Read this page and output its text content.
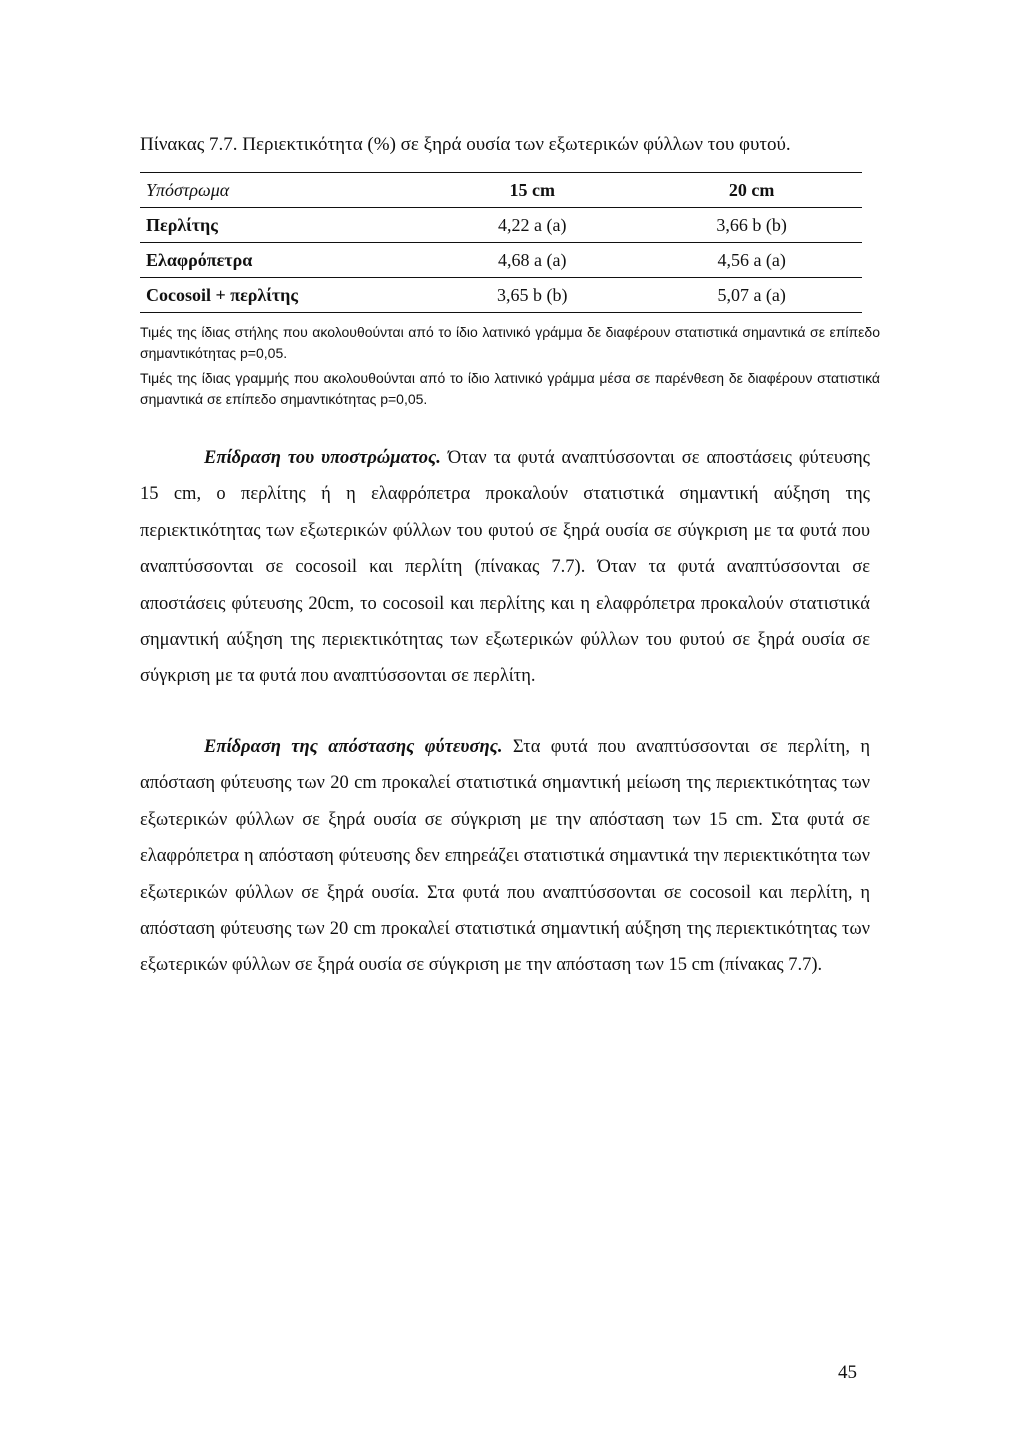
Πίνακας 7.7. Περιεκτικότητα (%) σε ξηρά ουσία των εξωτερικών φύλλων του φυτού.
Υπόστρωμα	15 cm	20 cm
Περλίτης	4,22 a (a)	3,66 b (b)
Ελαφρόπετρα	4,68 a (a)	4,56 a (a)
Cocosoil + περλίτης	3,65 b (b)	5,07 a (a)
Τιμές της ίδιας στήλης που ακολουθούνται από το ίδιο λατινικό γράμμα δε διαφέρουν στατιστικά σημαντικά σε επίπεδο σημαντικότητας p=0,05.
Τιμές της ίδιας γραμμής που ακολουθούνται από το ίδιο λατινικό γράμμα μέσα σε παρένθεση δε διαφέρουν στατιστικά σημαντικά σε επίπεδο σημαντικότητας p=0,05.

Επίδραση του υποστρώματος. Όταν τα φυτά αναπτύσσονται σε αποστάσεις φύτευσης 15 cm, ο περλίτης ή η ελαφρόπετρα προκαλούν στατιστικά σημαντική αύξηση της περιεκτικότητας των εξωτερικών φύλλων του φυτού σε ξηρά ουσία σε σύγκριση με τα φυτά που αναπτύσσονται σε cocosoil και περλίτη (πίνακας 7.7). Όταν τα φυτά αναπτύσσονται σε αποστάσεις φύτευσης 20cm, το cocosoil και περλίτης και η ελαφρόπετρα προκαλούν στατιστικά σημαντική αύξηση της περιεκτικότητας των εξωτερικών φύλλων του φυτού σε ξηρά ουσία σε σύγκριση με τα φυτά που αναπτύσσονται σε περλίτη.

Επίδραση της απόστασης φύτευσης. Στα φυτά που αναπτύσσονται σε περλίτη, η απόσταση φύτευσης των 20 cm προκαλεί στατιστικά σημαντική μείωση της περιεκτικότητας των εξωτερικών φύλλων σε ξηρά ουσία σε σύγκριση με την απόσταση των 15 cm. Στα φυτά σε ελαφρόπετρα η απόσταση φύτευσης δεν επηρεάζει στατιστικά σημαντικά την περιεκτικότητα των εξωτερικών φύλλων σε ξηρά ουσία. Στα φυτά που αναπτύσσονται σε cocosoil και περλίτη, η απόσταση φύτευσης των 20 cm προκαλεί στατιστικά σημαντική αύξηση της περιεκτικότητας των εξωτερικών φύλλων σε ξηρά ουσία σε σύγκριση με την απόσταση των 15 cm (πίνακας 7.7).

45
